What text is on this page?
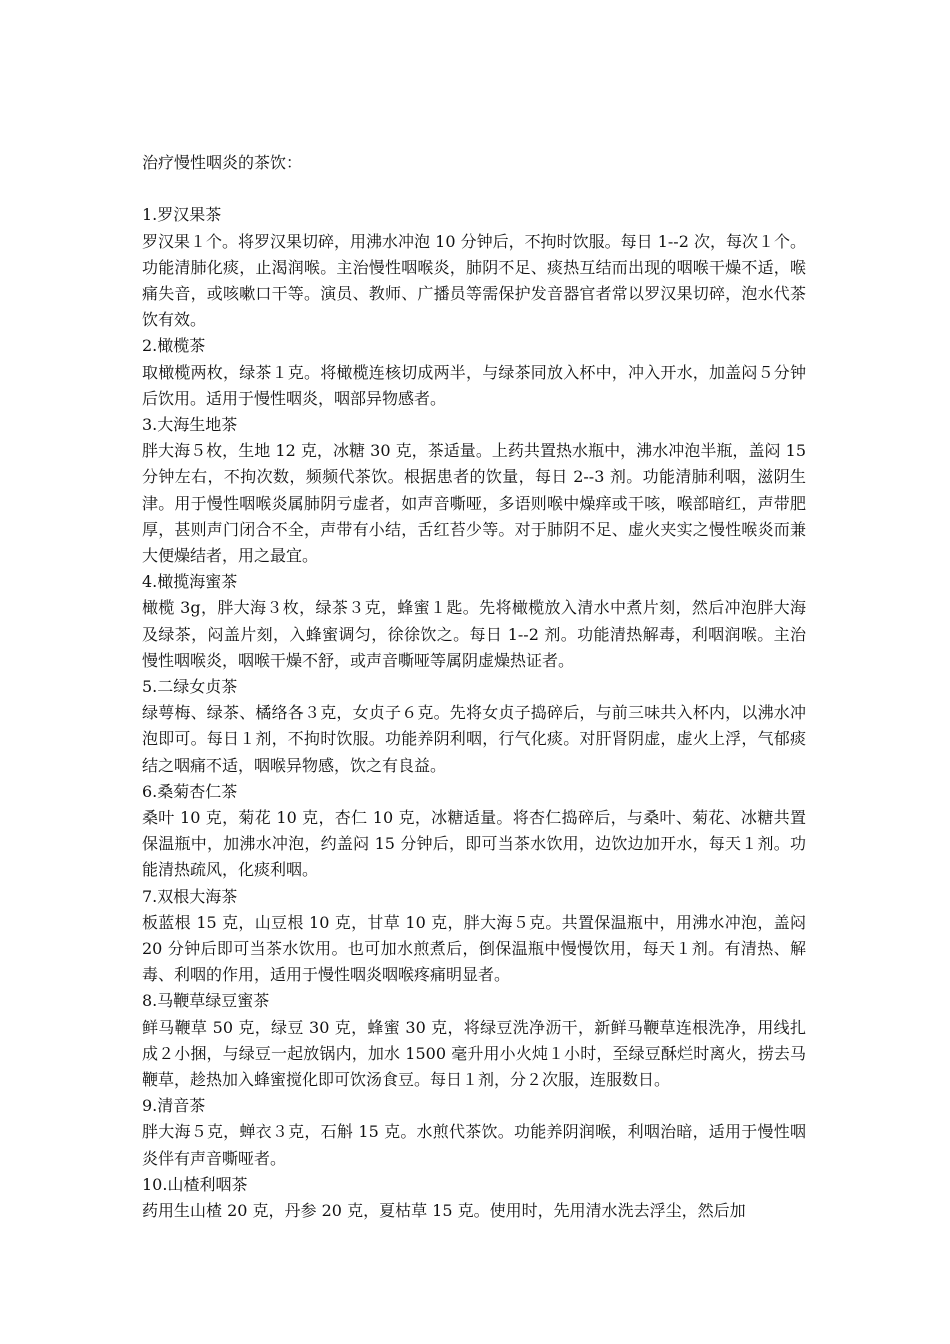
治疗慢性咽炎的茶饮：
1.罗汉果茶

罗汉果１个。将罗汉果切碎，用沸水冲泡 10 分钟后，不拘时饮服。每日 1--2 次，每次１个。功能清肺化痰，止渴润喉。主治慢性咽喉炎，肺阴不足、痰热互结而出现的咽喉干燥不适，喉痛失音，或咳嗽口干等。演员、教师、广播员等需保护发音器官者常以罗汉果切碎，泡水代茶饮有效。

2.橄榄茶

取橄榄两枚，绿茶１克。将橄榄连核切成两半，与绿茶同放入杯中，冲入开水，加盖闷５分钟后饮用。适用于慢性咽炎，咽部异物感者。

3.大海生地茶

胖大海５枚，生地 12 克，冰糖 30 克，茶适量。上药共置热水瓶中，沸水冲泡半瓶，盖闷 15 分钟左右，不拘次数，频频代茶饮。根据患者的饮量，每日 2--3 剂。功能清肺利咽，滋阴生津。用于慢性咽喉炎属肺阴亏虚者，如声音嘶哑，多语则喉中燥痒或干咳，喉部暗红，声带肥厚，甚则声门闭合不全，声带有小结，舌红苔少等。对于肺阴不足、虚火夹实之慢性喉炎而兼大便燥结者，用之最宜。

4.橄揽海蜜茶

橄榄 3g，胖大海３枚，绿茶３克，蜂蜜１匙。先将橄榄放入清水中煮片刻，然后冲泡胖大海及绿茶，闷盖片刻，入蜂蜜调匀，徐徐饮之。每日 1--2 剂。功能清热解毒，利咽润喉。主治慢性咽喉炎，咽喉干燥不舒，或声音嘶哑等属阴虚燥热证者。

5.二绿女贞茶

绿萼梅、绿茶、橘络各３克，女贞子６克。先将女贞子捣碎后，与前三味共入杯内，以沸水冲泡即可。每日１剂，不拘时饮服。功能养阴利咽，行气化痰。对肝肾阴虚，虚火上浮，气郁痰结之咽痛不适，咽喉异物感，饮之有良益。

6.桑菊杏仁茶

桑叶 10 克，菊花 10 克，杏仁 10 克，冰糖适量。将杏仁捣碎后，与桑叶、菊花、冰糖共置保温瓶中，加沸水冲泡，约盖闷 15 分钟后，即可当茶水饮用，边饮边加开水，每天１剂。功能清热疏风，化痰利咽。

7.双根大海茶

板蓝根 15 克，山豆根 10 克，甘草 10 克，胖大海５克。共置保温瓶中，用沸水冲泡，盖闷 20 分钟后即可当茶水饮用。也可加水煎煮后，倒保温瓶中慢慢饮用，每天１剂。有清热、解毒、利咽的作用，适用于慢性咽炎咽喉疼痛明显者。

8.马鞭草绿豆蜜茶

鲜马鞭草 50 克，绿豆 30 克，蜂蜜 30 克，将绿豆洗净沥干，新鲜马鞭草连根洗净，用线扎成２小捆，与绿豆一起放锅内，加水 1500 毫升用小火炖１小时，至绿豆酥烂时离火，捞去马鞭草，趁热加入蜂蜜搅化即可饮汤食豆。每日１剂，分２次服，连服数日。

9.清音茶

胖大海５克，蝉衣３克，石斛 15 克。水煎代茶饮。功能养阴润喉，利咽治暗，适用于慢性咽炎伴有声音嘶哑者。

10.山楂利咽茶

药用生山楂 20 克，丹参 20 克，夏枯草 15 克。使用时，先用清水洗去浮尘，然后加
